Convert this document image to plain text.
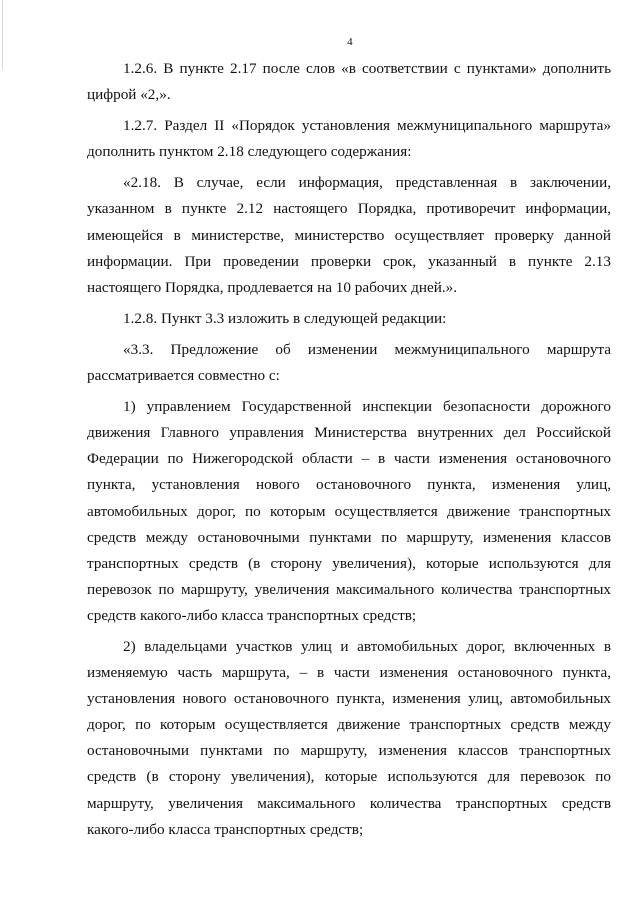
4
1.2.6. В пункте 2.17 после слов «в соответствии с пунктами» дополнить
цифрой «2,».
1.2.7. Раздел II «Порядок установления межмуниципального маршрута»
дополнить пунктом 2.18 следующего содержания:
«2.18. В случае, если информация, представленная в заключении,
указанном в пункте 2.12 настоящего Порядка, противоречит информации,
имеющейся в министерстве, министерство осуществляет проверку данной
информации. При проведении проверки срок, указанный в пункте 2.13
настоящего Порядка, продлевается на 10 рабочих дней.».
1.2.8. Пункт 3.3 изложить в следующей редакции:
«3.3. Предложение об изменении межмуниципального маршрута
рассматривается совместно с:
1) управлением Государственной инспекции безопасности дорожного
движения Главного управления Министерства внутренних дел Российской
Федерации по Нижегородской области – в части изменения остановочного
пункта, установления нового остановочного пункта, изменения улиц,
автомобильных дорог, по которым осуществляется движение транспортных
средств между остановочными пунктами по маршруту, изменения классов
транспортных средств (в сторону увеличения), которые используются для
перевозок по маршруту, увеличения максимального количества транспортных
средств какого-либо класса транспортных средств;
2) владельцами участков улиц и автомобильных дорог, включенных в
изменяемую часть маршрута, – в части изменения остановочного пункта,
установления нового остановочного пункта, изменения улиц, автомобильных
дорог, по которым осуществляется движение транспортных средств между
остановочными пунктами по маршруту, изменения классов транспортных
средств (в сторону увеличения), которые используются для перевозок по
маршруту, увеличения максимального количества транспортных средств
какого-либо класса транспортных средств;
